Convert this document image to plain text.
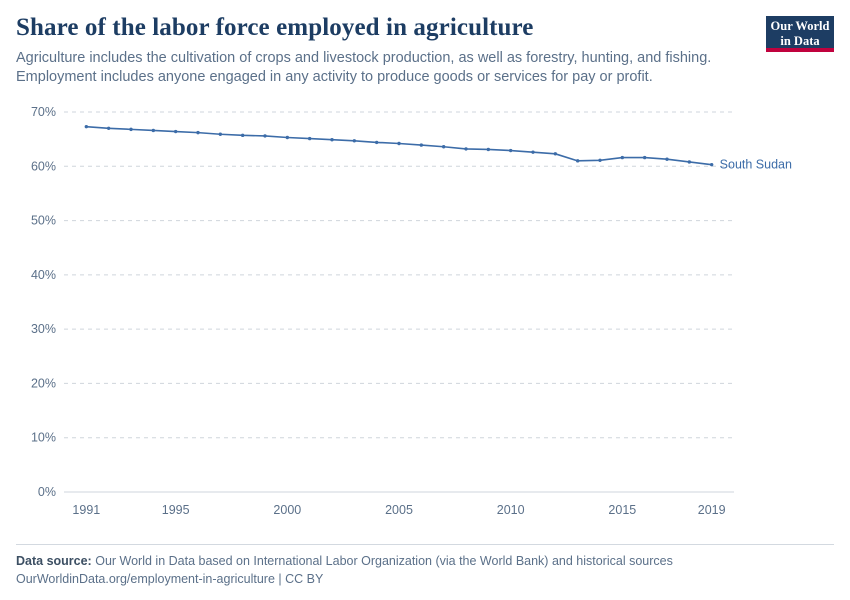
Share of the labor force employed in agriculture

Agriculture includes the cultivation of crops and livestock production, as well as forestry, hunting, and fishing. Employment includes anyone engaged in any activity to produce goods or services for pay or profit.

Our World
in Data
0%
10%
20%
30%
40%
50%
60%
70%
1991	1995	2000	2005	2010	2015	2019
South Sudan
Data source: Our World in Data based on International Labor Organization (via the World Bank) and historical sources
OurWorldinData.org/employment-in-agriculture | CC BY
